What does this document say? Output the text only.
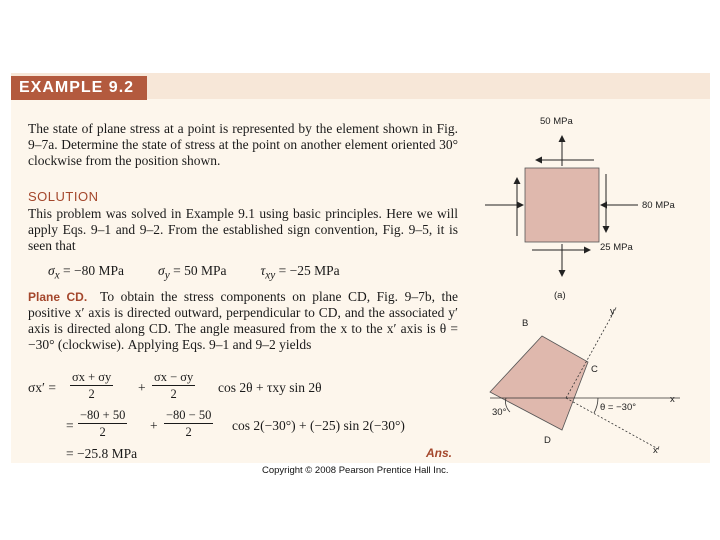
EXAMPLE 9.2

The state of plane stress at a point is represented by the element shown in Fig. 9–7a. Determine the state of stress at the point on another element oriented 30° clockwise from the position shown.

SOLUTION

This problem was solved in Example 9.1 using basic principles. Here we will apply Eqs. 9–1 and 9–2. From the established sign convention, Fig. 9–5, it is seen that

$\sigma_x = -80$ MPa	$\sigma_y = 50$ MPa	$\tau_{xy} = -25$ MPa

Plane CD. To obtain the stress components on plane CD, Fig. 9–7b, the positive x′ axis is directed outward, perpendicular to CD, and the associated y′ axis is directed along CD. The angle measured from the x to the x′ axis is θ = −30° (clockwise). Applying Eqs. 9–1 and 9–2 yields

$\sigma x' = \frac{\sigma x + \sigma y}{2} + \frac{\sigma x - \sigma y}{2}$ cos 2θ + τxy sin 2θ
= $\frac{-80 + 50}{2} + \frac{-80 - 50}{2}$ cos 2(−30°) + (−25) sin 2(−30°)
= −25.8 MPa	Ans.
50 MPa
80 MPa
25 MPa
(a)
B
C
D
y′
x
x′
θ = −30°
30°
Copyright © 2008 Pearson Prentice Hall Inc.
